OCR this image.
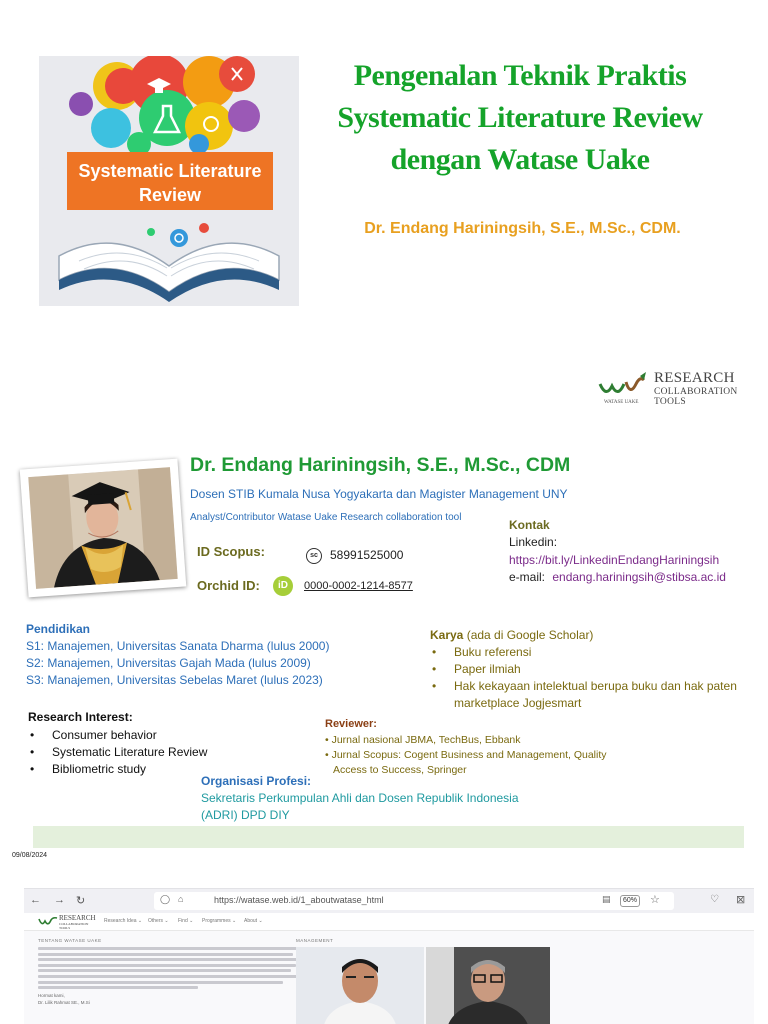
Systematic Literature
Review
Pengenalan Teknik Praktis
Systematic Literature Review
dengan Watase Uake
Dr. Endang Hariningsih, S.E., M.Sc., CDM.
WATASE UAKE
RESEARCH
COLLABORATION
TOOLS
Dr. Endang Hariningsih, S.E., M.Sc., CDM
Dosen STIB Kumala Nusa Yogyakarta dan Magister Management UNY
Analyst/Contributor Watase Uake Research collaboration tool
ID Scopus:	sc	58991525000
Orchid ID:	iD	0000-0002-1214-8577
Kontak
Linkedin:
https://bit.ly/LinkedinEndangHariningsih
e-mail: endang.hariningsih@stibsa.ac.id
Pendidikan
S1: Manajemen, Universitas Sanata Dharma (lulus 2000)
S2: Manajemen, Universitas Gajah Mada (lulus 2009)
S3: Manajemen, Universitas Sebelas Maret (lulus 2023)
Karya (ada di Google Scholar)
• Buku referensi
• Paper ilmiah
• Hak kekayaan intelektual berupa buku dan hak paten marketplace Jogjesmart
Research Interest:
• Consumer behavior
• Systematic Literature Review
• Bibliometric study
Reviewer:
• Jurnal nasional JBMA, TechBus, Ebbank
• Jurnal Scopus: Cogent Business and Management, Quality
Access to Success, Springer
Organisasi Profesi:
Sekretaris Perkumpulan Ahli dan Dosen Republik Indonesia
(ADRI) DPD DIY
09/08/2024
← → ↻	◯ ⌂	https://watase.web.id/1_aboutwatase_html	▤	60% ☆	♡ ⊠
RESEARCH
COLLABORATION
TOOLS
Research Idea ⌄ Others ⌄ Find ⌄ Programmes ⌄ About ⌄
TENTANG WATASE UAKE	MANAGEMENT
Hormat kami,
Dr. Lilik Rahmat SE., M.Si
